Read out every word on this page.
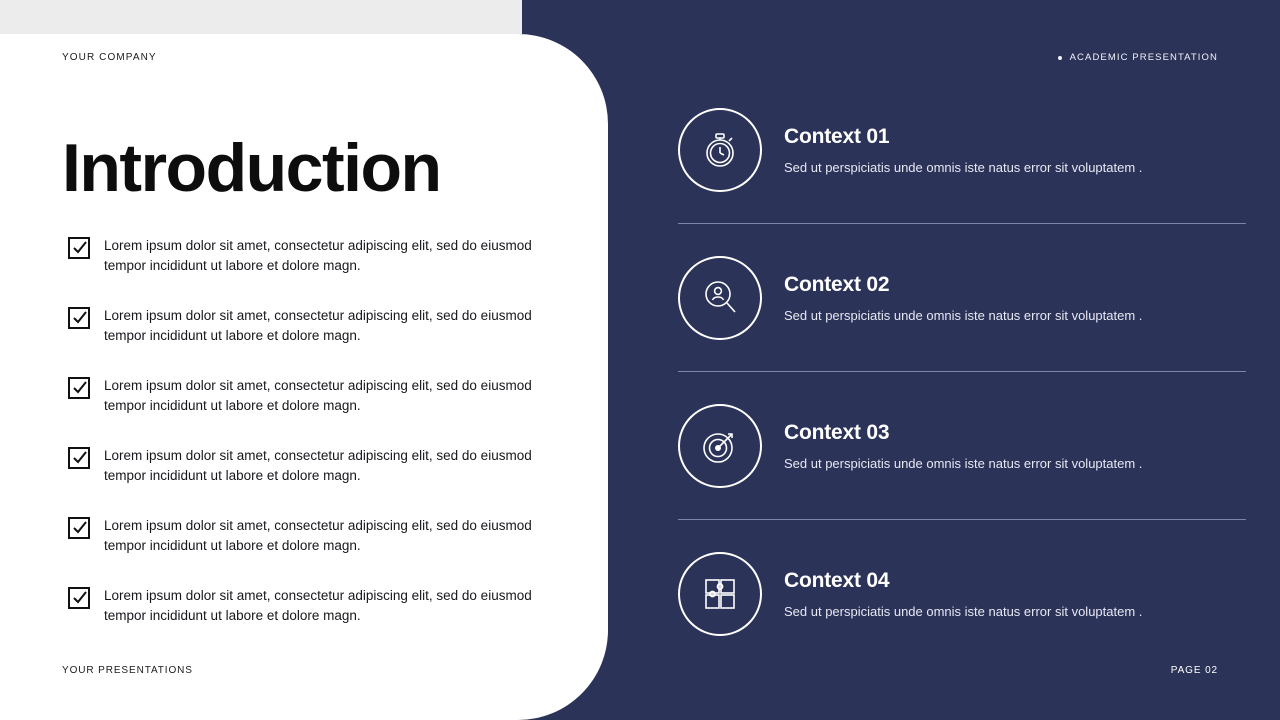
YOUR COMPANY
Introduction
Lorem ipsum dolor sit amet, consectetur adipiscing elit, sed do eiusmod tempor incididunt ut labore et dolore magn.
Lorem ipsum dolor sit amet, consectetur adipiscing elit, sed do eiusmod tempor incididunt ut labore et dolore magn.
Lorem ipsum dolor sit amet, consectetur adipiscing elit, sed do eiusmod tempor incididunt ut labore et dolore magn.
Lorem ipsum dolor sit amet, consectetur adipiscing elit, sed do eiusmod tempor incididunt ut labore et dolore magn.
Lorem ipsum dolor sit amet, consectetur adipiscing elit, sed do eiusmod tempor incididunt ut labore et dolore magn.
Lorem ipsum dolor sit amet, consectetur adipiscing elit, sed do eiusmod tempor incididunt ut labore et dolore magn.
YOUR PRESENTATIONS
ACADEMIC PRESENTATION
Context 01
Sed ut perspiciatis unde omnis iste natus error sit voluptatem .
Context 02
Sed ut perspiciatis unde omnis iste natus error sit voluptatem .
Context 03
Sed ut perspiciatis unde omnis iste natus error sit voluptatem .
Context 04
Sed ut perspiciatis unde omnis iste natus error sit voluptatem .
PAGE 02
